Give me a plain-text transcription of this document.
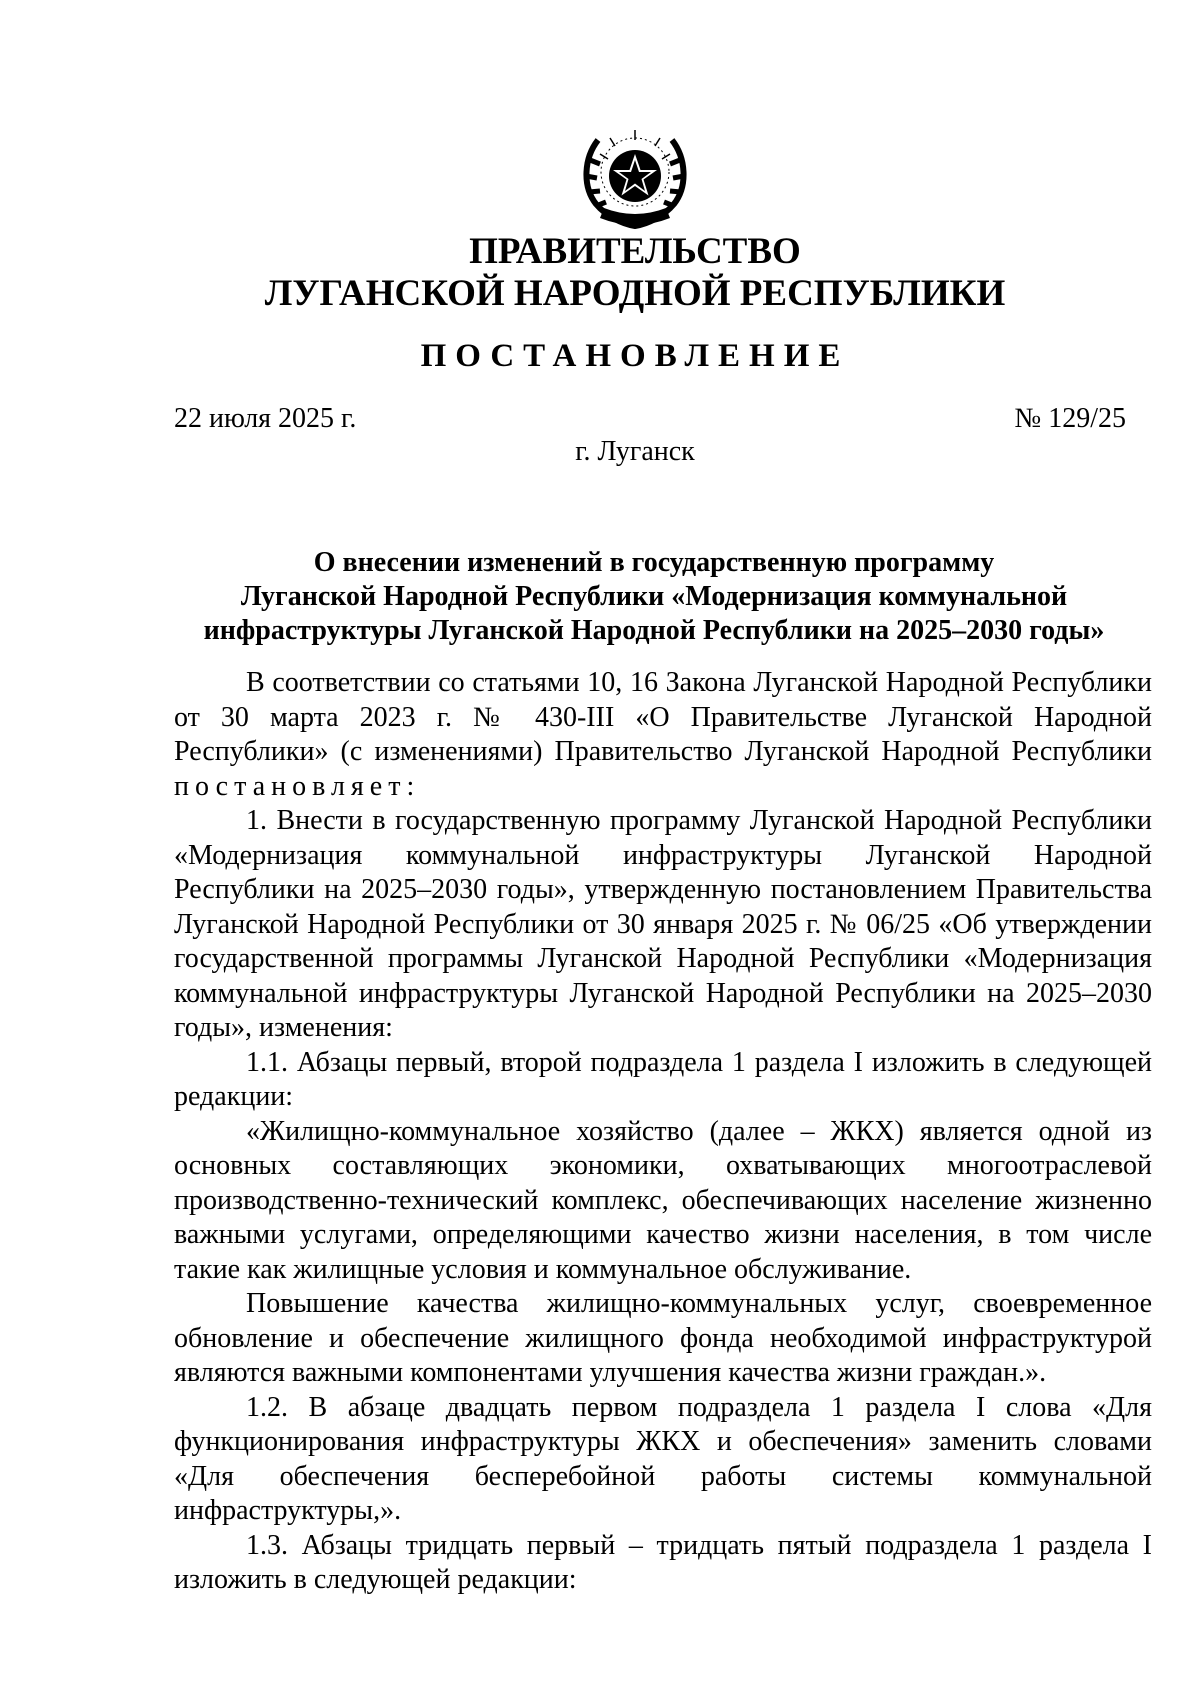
ПРАВИТЕЛЬСТВО
ЛУГАНСКОЙ НАРОДНОЙ РЕСПУБЛИКИ
ПОСТАНОВЛЕНИЕ
22 июля 2025 г.	№ 129/25
г. Луганск
О внесении изменений в государственную программу
Луганской Народной Республики «Модернизация коммунальной
инфраструктуры Луганской Народной Республики на 2025–2030 годы»

В соответствии со статьями 10, 16 Закона Луганской Народной Республики от 30 марта 2023 г. № 430-III «О Правительстве Луганской Народной Республики» (с изменениями) Правительство Луганской Народной Республики постановляет:

1. Внести в государственную программу Луганской Народной Республики «Модернизация коммунальной инфраструктуры Луганской Народной Республики на 2025–2030 годы», утвержденную постановлением Правительства Луганской Народной Республики от 30 января 2025 г. № 06/25 «Об утверждении государственной программы Луганской Народной Республики «Модернизация коммунальной инфраструктуры Луганской Народной Республики на 2025–2030 годы», изменения:

1.1. Абзацы первый, второй подраздела 1 раздела I изложить в следующей редакции:

«Жилищно-коммунальное хозяйство (далее – ЖКХ) является одной из основных составляющих экономики, охватывающих многоотраслевой производственно-технический комплекс, обеспечивающих население жизненно важными услугами, определяющими качество жизни населения, в том числе такие как жилищные условия и коммунальное обслуживание.

Повышение качества жилищно-коммунальных услуг, своевременное обновление и обеспечение жилищного фонда необходимой инфраструктурой являются важными компонентами улучшения качества жизни граждан.».

1.2. В абзаце двадцать первом подраздела 1 раздела I слова «Для функционирования инфраструктуры ЖКХ и обеспечения» заменить словами «Для обеспечения бесперебойной работы системы коммунальной инфраструктуры,».

1.3. Абзацы тридцать первый – тридцать пятый подраздела 1 раздела I изложить в следующей редакции:
